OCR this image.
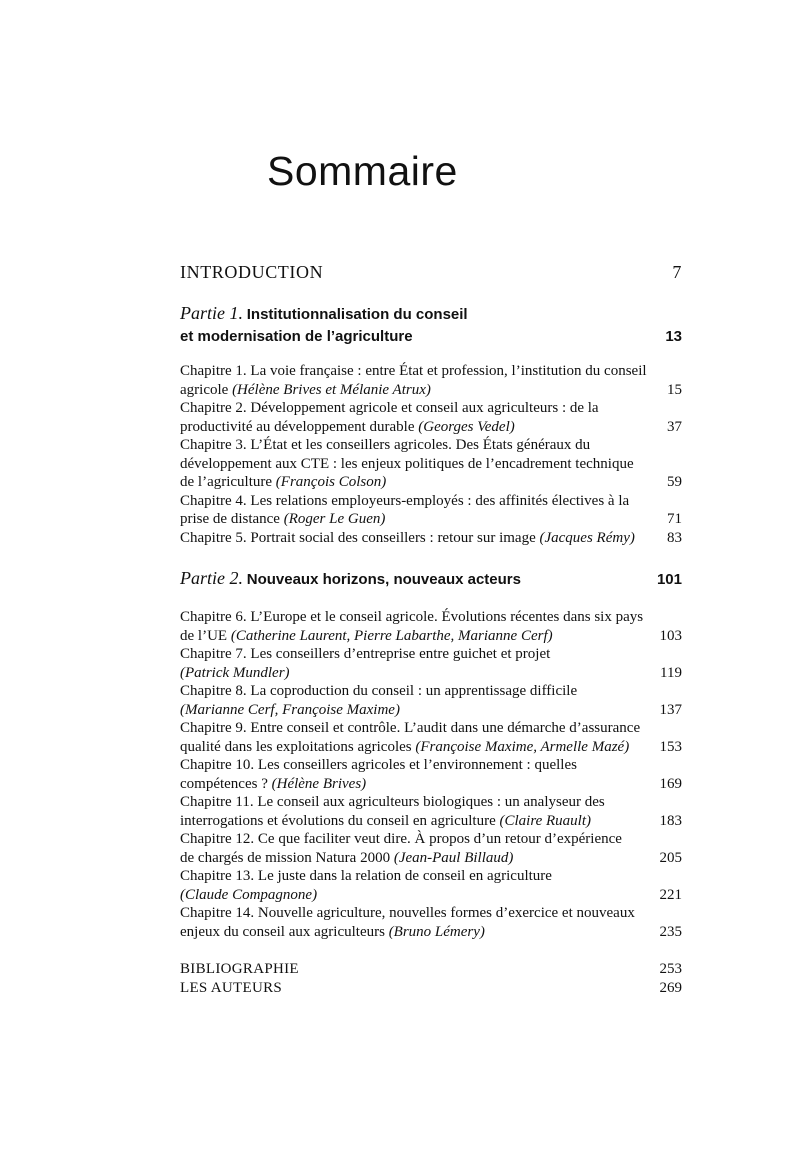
Sommaire
INTRODUCTION	7
Partie 1. Institutionnalisation du conseil
et modernisation de l’agriculture	13
Chapitre 1. La voie française : entre État et profession, l’institution du conseil
agricole (Hélène Brives et Mélanie Atrux)	15
Chapitre 2. Développement agricole et conseil aux agriculteurs : de la
productivité au développement durable (Georges Vedel)	37
Chapitre 3. L’État et les conseillers agricoles. Des États généraux du
développement aux CTE : les enjeux politiques de l’encadrement technique
de l’agriculture (François Colson)	59
Chapitre 4. Les relations employeurs-employés : des affinités électives à la
prise de distance (Roger Le Guen)	71
Chapitre 5. Portrait social des conseillers : retour sur image (Jacques Rémy) 83
Partie 2. Nouveaux horizons, nouveaux acteurs	101
Chapitre 6. L’Europe et le conseil agricole. Évolutions récentes dans six pays
de l’UE (Catherine Laurent, Pierre Labarthe, Marianne Cerf)	103
Chapitre 7. Les conseillers d’entreprise entre guichet et projet
(Patrick Mundler)	119
Chapitre 8. La coproduction du conseil : un apprentissage difficile
(Marianne Cerf, Françoise Maxime)	137
Chapitre 9. Entre conseil et contrôle. L’audit dans une démarche d’assurance
qualité dans les exploitations agricoles (Françoise Maxime, Armelle Mazé) 153
Chapitre 10. Les conseillers agricoles et l’environnement : quelles
compétences ? (Hélène Brives)	169
Chapitre 11. Le conseil aux agriculteurs biologiques : un analyseur des
interrogations et évolutions du conseil en agriculture (Claire Ruault)	183
Chapitre 12. Ce que faciliter veut dire. À propos d’un retour d’expérience
de chargés de mission Natura 2000 (Jean-Paul Billaud)	205
Chapitre 13. Le juste dans la relation de conseil en agriculture
(Claude Compagnone)	221
Chapitre 14. Nouvelle agriculture, nouvelles formes d’exercice et nouveaux
enjeux du conseil aux agriculteurs (Bruno Lémery)	235
BIBLIOGRAPHIE	253
LES AUTEURS	269
